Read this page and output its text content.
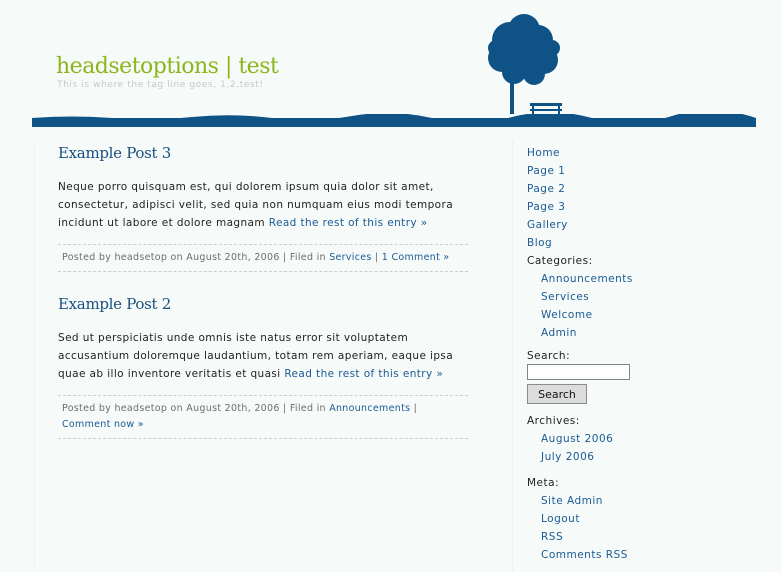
headsetoptions | test
This is where the tag line goes, 1,2,test!
Example Post 3
Neque porro quisquam est, qui dolorem ipsum quia dolor sit amet, consectetur, adipisci velit, sed quia non numquam eius modi tempora incidunt ut labore et dolore magnam Read the rest of this entry »
Posted by headsetop on August 20th, 2006 | Filed in Services | 1 Comment »
Example Post 2
Sed ut perspiciatis unde omnis iste natus error sit voluptatem accusantium doloremque laudantium, totam rem aperiam, eaque ipsa quae ab illo inventore veritatis et quasi Read the rest of this entry »
Posted by headsetop on August 20th, 2006 | Filed in Announcements |
Comment now »
Home
Page 1
Page 2
Page 3
Gallery
Blog
Categories:
Announcements
Services
Welcome
Admin
Search:
Search
Archives:
August 2006
July 2006
Meta:
Site Admin
Logout
RSS
Comments RSS
